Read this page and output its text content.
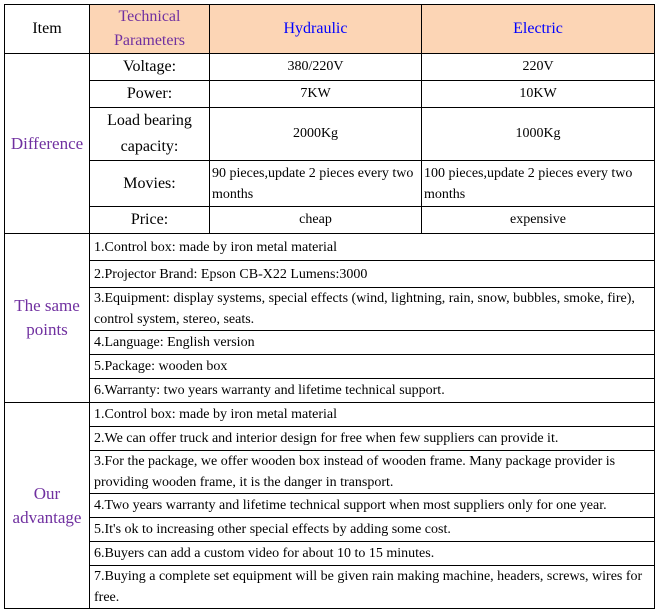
Item	Technical Parameters	Hydraulic	Electric
Difference	Voltage:	380/220V	220V
	Power:	7KW	10KW
	Load bearing capacity:	2000Kg	1000Kg
	Movies:	90 pieces,update 2 pieces every two months	100 pieces,update 2 pieces every two months
	Price:	cheap	expensive
The same points	1.Control box: made by iron metal material		
	2.Projector Brand: Epson CB-X22 Lumens:3000		
	3.Equipment: display systems, special effects (wind, lightning, rain, snow, bubbles, smoke, fire), control system, stereo, seats.		
	4.Language: English version		
	5.Package: wooden box		
	6.Warranty: two years warranty and lifetime technical support.		
Our advantage	1.Control box: made by iron metal material		
	2.We can offer truck and interior design for free when few suppliers can provide it.		
	3.For the package, we offer wooden box instead of wooden frame. Many package provider is providing wooden frame, it is the danger in transport.		
	4.Two years warranty and lifetime technical support when most suppliers only for one year.		
	5.It's ok to increasing other special effects by adding some cost.		
	6.Buyers can add a custom video for about 10 to 15 minutes.		
	7.Buying a complete set equipment will be given rain making machine, headers, screws, wires for free.		
